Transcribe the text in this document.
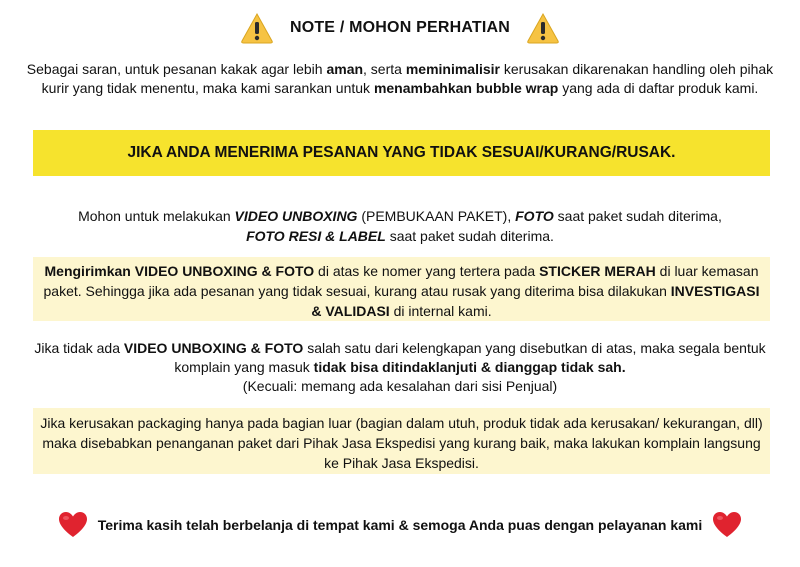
NOTE / MOHON PERHATIAN
Sebagai saran, untuk pesanan kakak agar lebih aman, serta meminimalisir kerusakan dikarenakan handling oleh pihak kurir yang tidak menentu, maka kami sarankan untuk menambahkan bubble wrap yang ada di daftar produk kami.
JIKA ANDA MENERIMA PESANAN YANG TIDAK SESUAI/KURANG/RUSAK.
Mohon untuk melakukan VIDEO UNBOXING (PEMBUKAAN PAKET), FOTO saat paket sudah diterima,
FOTO RESI & LABEL saat paket sudah diterima.
Mengirimkan VIDEO UNBOXING & FOTO di atas ke nomer yang tertera pada STICKER MERAH di luar kemasan paket. Sehingga jika ada pesanan yang tidak sesuai, kurang atau rusak yang diterima bisa dilakukan INVESTIGASI & VALIDASI di internal kami.
Jika tidak ada VIDEO UNBOXING & FOTO salah satu dari kelengkapan yang disebutkan di atas, maka segala bentuk komplain yang masuk tidak bisa ditindaklanjuti & dianggap tidak sah.
(Kecuali: memang ada kesalahan dari sisi Penjual)
Jika kerusakan packaging hanya pada bagian luar (bagian dalam utuh, produk tidak ada kerusakan/ kekurangan, dll) maka disebabkan penanganan paket dari Pihak Jasa Ekspedisi yang kurang baik, maka lakukan komplain langsung ke Pihak Jasa Ekspedisi.
Terima kasih telah berbelanja di tempat kami & semoga Anda puas dengan pelayanan kami
